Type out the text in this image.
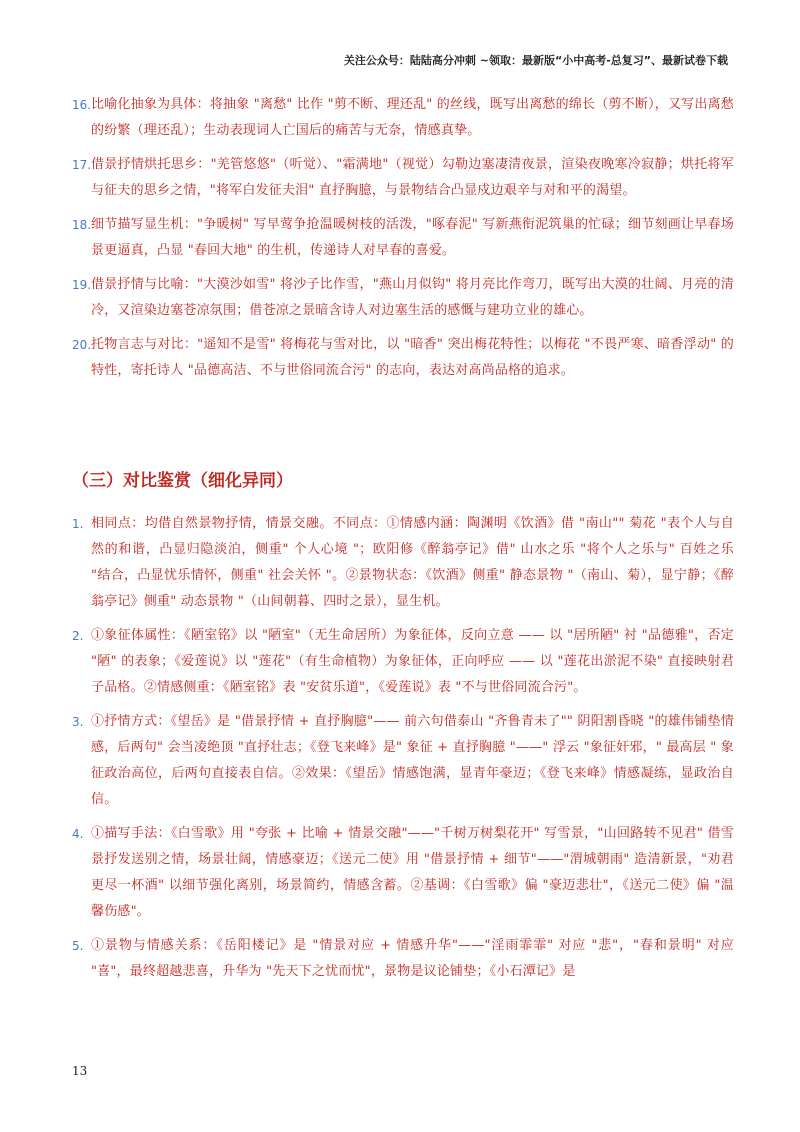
关注公众号：陆陆高分冲刺 ~领取：最新版“小中高考-总复习”、最新试卷下载
16. 比喻化抽象为具体：将抽象 "离愁" 比作 "剪不断、理还乱" 的丝线，既写出离愁的绵长（剪不断），又写出离愁的纷繁（理还乱）；生动表现词人亡国后的痛苦与无奈，情感真挚。
17. 借景抒情烘托思乡："羌管悠悠"（听觉）、"霜满地"（视觉）勾勒边塞凄清夜景，渲染夜晚寒冷寂静；烘托将军与征夫的思乡之情，"将军白发征夫泪" 直抒胸臆，与景物结合凸显戍边艰辛与对和平的渴望。
18. 细节描写显生机："争暖树" 写早莺争抢温暖树枝的活泼，"啄春泥" 写新燕衔泥筑巢的忙碌；细节刻画让早春场景更逼真，凸显 "春回大地" 的生机，传递诗人对早春的喜爱。
19. 借景抒情与比喻："大漠沙如雪" 将沙子比作雪，"燕山月似钩" 将月亮比作弯刀，既写出大漠的壮阔、月亮的清冷，又渲染边塞苍凉氛围；借苍凉之景暗含诗人对边塞生活的感慨与建功立业的雄心。
20. 托物言志与对比："遥知不是雪" 将梅花与雪对比，以 "暗香" 突出梅花特性；以梅花 "不畏严寒、暗香浮动" 的特性，寄托诗人 "品德高洁、不与世俗同流合污" 的志向，表达对高尚品格的追求。
（三）对比鉴赏（细化异同）
1. 相同点：均借自然景物抒情，情景交融。不同点：①情感内涵：陶渊明《饮酒》借 "南山"" 菊花 "表个人与自然的和谐，凸显归隐淡泊，侧重" 个人心境 "；欧阳修《醉翁亭记》借" 山水之乐 "将个人之乐与" 百姓之乐 "结合，凸显忧乐情怀，侧重" 社会关怀 "。②景物状态：《饮酒》侧重" 静态景物 "（南山、菊），显宁静；《醉翁亭记》侧重" 动态景物 "（山间朝暮、四时之景），显生机。
2. ①象征体属性：《陋室铭》以 "陋室"（无生命居所）为象征体，反向立意 —— 以 "居所陋" 衬 "品德雅"，否定 "陋" 的表象；《爱莲说》以 "莲花"（有生命植物）为象征体，正向呼应 —— 以 "莲花出淤泥不染" 直接映射君子品格。②情感侧重：《陋室铭》表 "安贫乐道"，《爱莲说》表 "不与世俗同流合污"。
3. ①抒情方式：《望岳》是 "借景抒情 + 直抒胸臆"—— 前六句借泰山 "齐鲁青未了"" 阴阳割昏晓 "的雄伟铺垫情感，后两句" 会当凌绝顶 "直抒壮志；《登飞来峰》是" 象征 + 直抒胸臆 "——" 浮云 "象征奸邪，" 最高层 " 象征政治高位，后两句直接表自信。②效果：《望岳》情感饱满，显青年豪迈；《登飞来峰》情感凝练，显政治自信。
4. ①描写手法：《白雪歌》用 "夸张 + 比喻 + 情景交融"——"千树万树梨花开" 写雪景，"山回路转不见君" 借雪景抒发送别之情，场景壮阔，情感豪迈；《送元二使》用 "借景抒情 + 细节"——"渭城朝雨" 造清新景，"劝君更尽一杯酒" 以细节强化离别，场景简约，情感含蓄。②基调：《白雪歌》偏 "豪迈悲壮"，《送元二使》偏 "温馨伤感"。
5. ①景物与情感关系：《岳阳楼记》是 "情景对应 + 情感升华"——"淫雨霏霏" 对应 "悲"，"春和景明" 对应 "喜"，最终超越悲喜，升华为 "先天下之忧而忧"，景物是议论铺垫；《小石潭记》是
13
